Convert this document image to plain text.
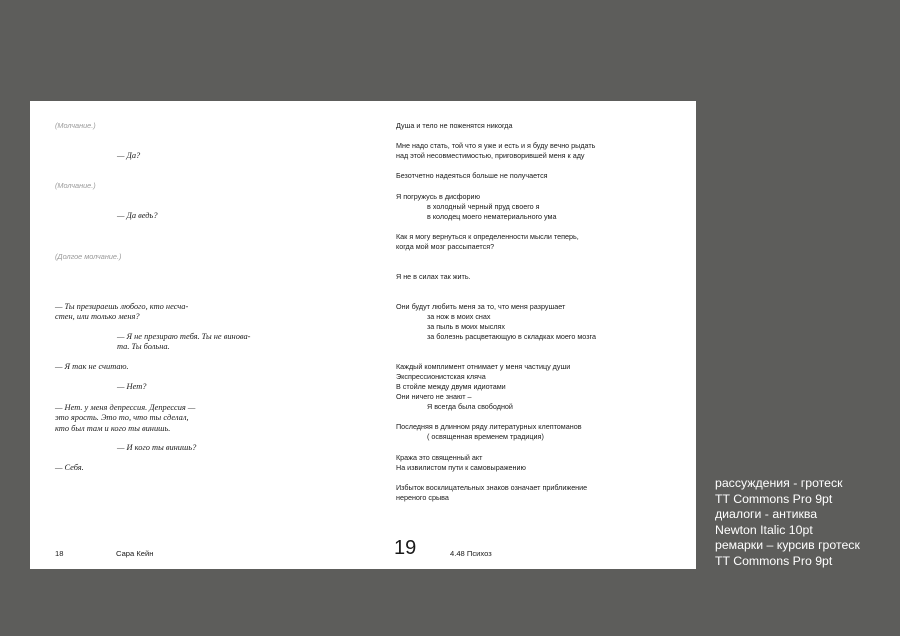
(Молчание.)
— Да?
(Молчание.)
— Да ведь?
(Долгое молчание.)
— Ты презираешь любого, кто несча-
стен, или только меня?
— Я не презираю тебя. Ты не винова-
та. Ты больна.
— Я так не считаю.
— Нет?
— Нет. у меня депрессия. Депрессия —
это ярость. Это то, что ты сделал,
кто был там и кого ты винишь.
— И кого ты винишь?
— Себя.
18	Сара Кейн
Душа и тело не поженятся никогда
Мне надо стать, той что я уже и есть и я буду вечно рыдать
над этой несовместимостью, приговорившей меня к аду
Безотчетно надеяться больше не получается
Я погружусь в дисфорию
в холодный черный пруд своего я
в колодец моего нематериального ума
Как я могу вернуться к определенности мысли теперь,
когда мой мозг рассыпается?
Я не в силах так жить.
Они будут любить меня за то, что меня разрушает
за нож в моих снах
за пыль в моих мыслях
за болезнь расцветающую в складках моего мозга
Каждый комплимент отнимает у меня частицу души
Экспрессионистская кляча
В стойле между двумя идиотами
Они ничего не знают –
Я всегда была свободной
Последняя в длинном ряду литературных клептоманов
( освященная временем традиция)
Кража это священный акт
На извилистом пути к самовыражению
Избыток восклицательных знаков означает приближение
нерeного срыва
19	4.48 Психоз
рассуждения - гротеск
TT Commons Pro 9pt
диалоги - антиква
Newton Italic 10pt
ремарки – курсив гротеск
TT Commons Pro 9pt
